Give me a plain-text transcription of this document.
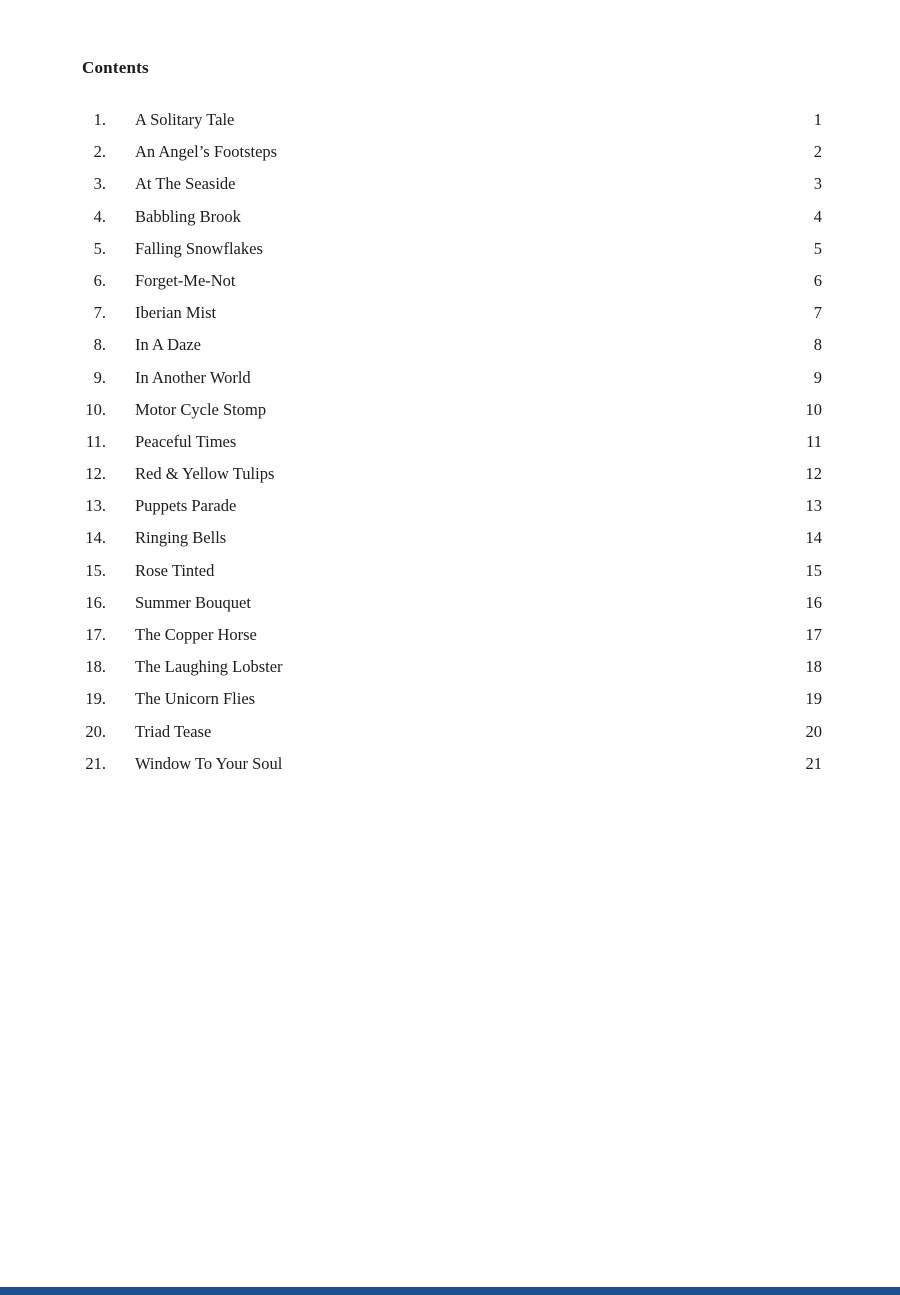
Contents
1. A Solitary Tale	1
2. An Angel’s Footsteps	2
3. At The Seaside	3
4. Babbling Brook	4
5. Falling Snowflakes	5
6. Forget-Me-Not	6
7. Iberian Mist	7
8. In A Daze	8
9. In Another World	9
10. Motor Cycle Stomp	10
11. Peaceful Times	11
12. Red & Yellow Tulips	12
13. Puppets Parade	13
14. Ringing Bells	14
15. Rose Tinted	15
16. Summer Bouquet	16
17. The Copper Horse	17
18. The Laughing Lobster	18
19. The Unicorn Flies	19
20. Triad Tease	20
21. Window To Your Soul	21
